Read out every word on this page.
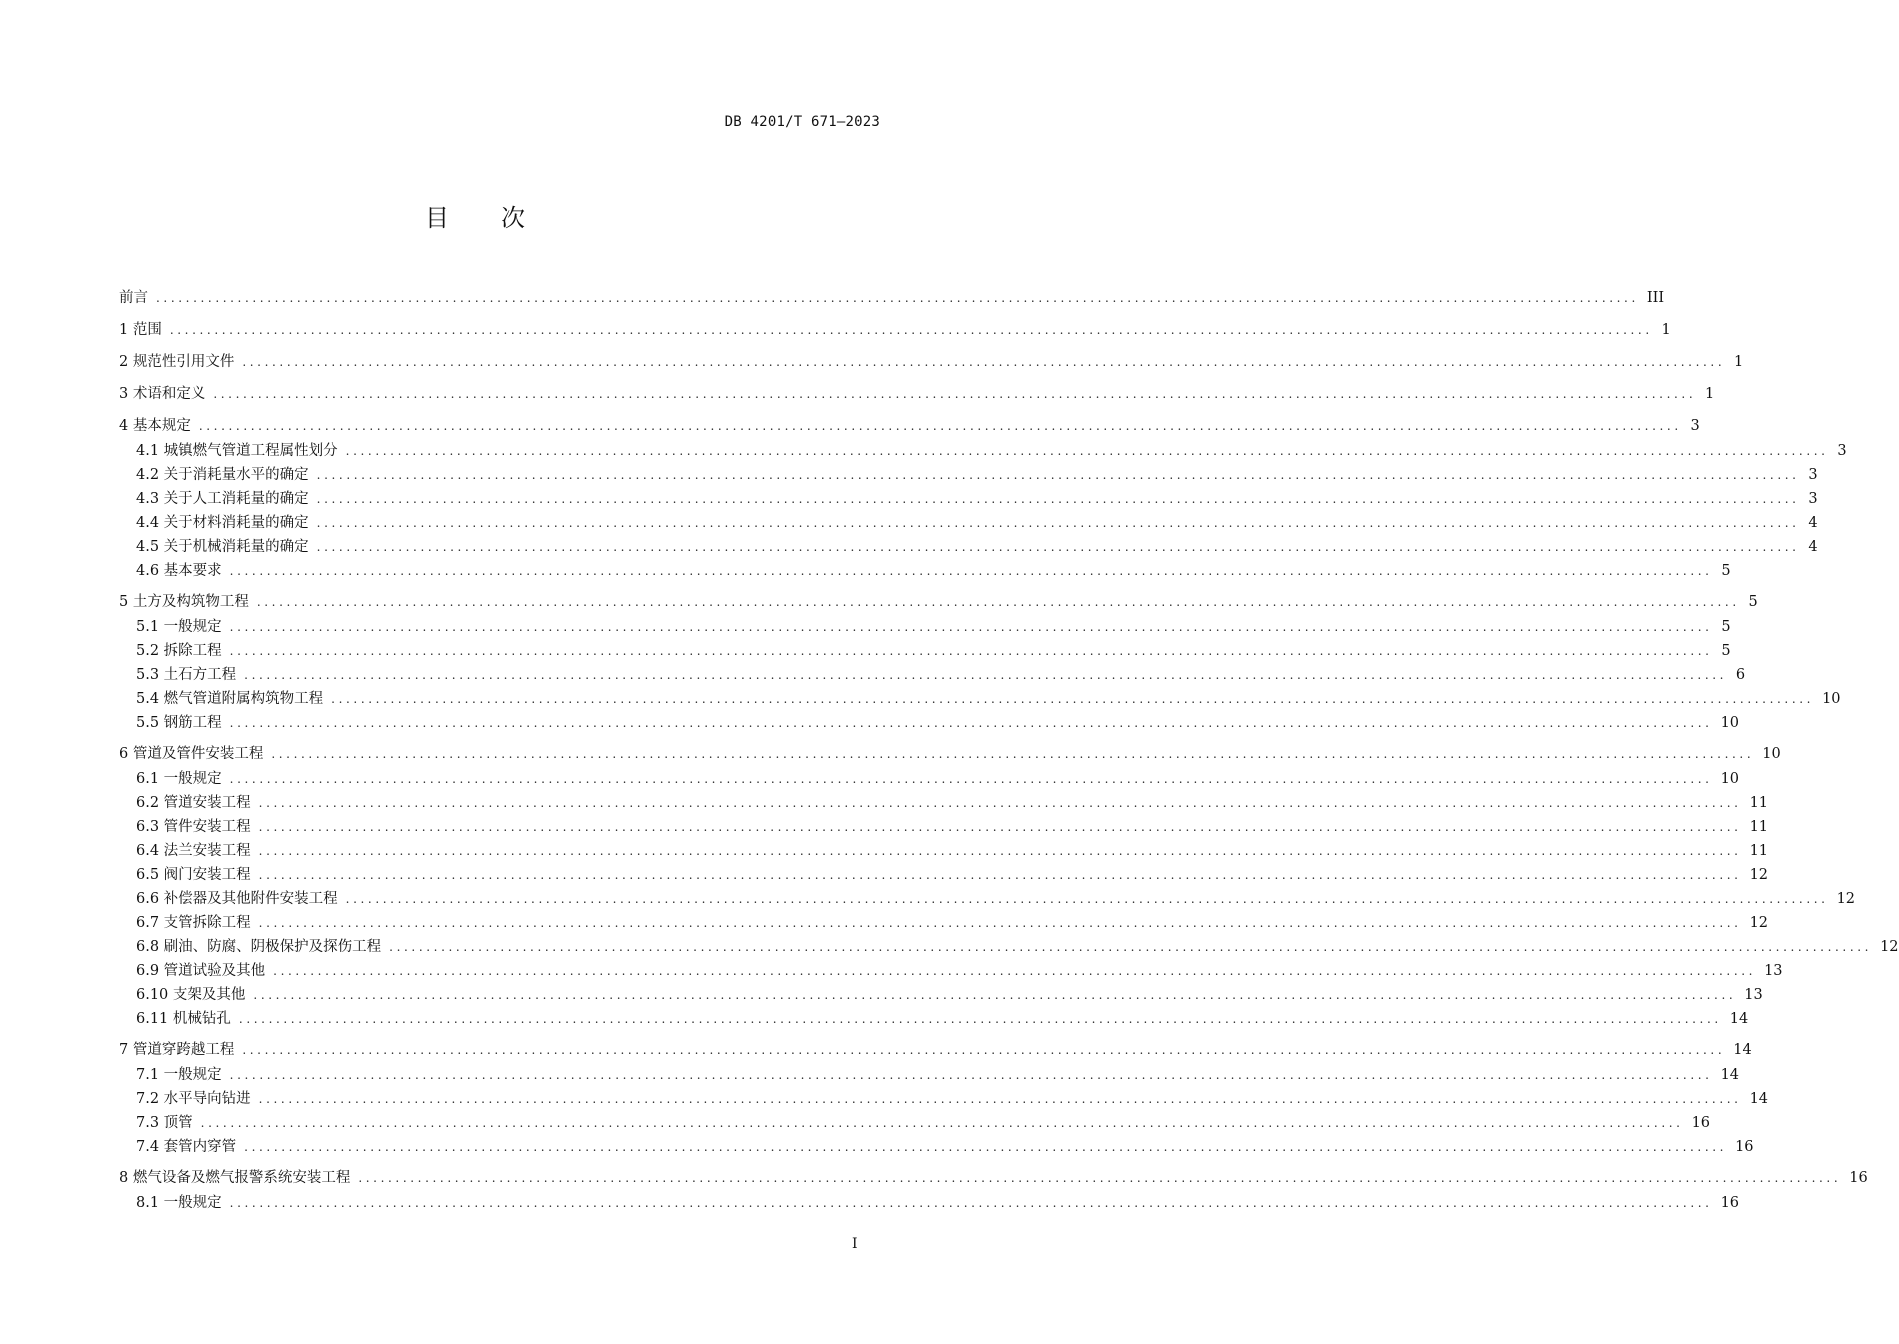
DB 4201/T 671—2023
目次
前言 ........................................................................................................................................................................................................ III
1
范围 ........................................................................................................................................................................................................ 1
2
规范性引用文件 ........................................................................................................................................................................................................ 1
3
术语和定义 ........................................................................................................................................................................................................ 1
4
基本规定 ........................................................................................................................................................................................................ 3
4.1
城镇燃气管道工程属性划分 ........................................................................................................................................................................................................ 3
4.2
关于消耗量水平的确定 ........................................................................................................................................................................................................ 3
4.3
关于人工消耗量的确定 ........................................................................................................................................................................................................ 3
4.4
关于材料消耗量的确定 ........................................................................................................................................................................................................ 4
4.5
关于机械消耗量的确定 ........................................................................................................................................................................................................ 4
4.6
基本要求 ........................................................................................................................................................................................................ 5
5
土方及构筑物工程 ........................................................................................................................................................................................................ 5
5.1
一般规定 ........................................................................................................................................................................................................ 5
5.2
拆除工程 ........................................................................................................................................................................................................ 5
5.3
土石方工程 ........................................................................................................................................................................................................ 6
5.4
燃气管道附属构筑物工程 ........................................................................................................................................................................................................ 10
5.5
钢筋工程 ........................................................................................................................................................................................................ 10
6
管道及管件安装工程 ........................................................................................................................................................................................................ 10
6.1
一般规定 ........................................................................................................................................................................................................ 10
6.2
管道安装工程 ........................................................................................................................................................................................................ 11
6.3
管件安装工程 ........................................................................................................................................................................................................ 11
6.4
法兰安装工程 ........................................................................................................................................................................................................ 11
6.5
阀门安装工程 ........................................................................................................................................................................................................ 12
6.6
补偿器及其他附件安装工程 ........................................................................................................................................................................................................ 12
6.7
支管拆除工程 ........................................................................................................................................................................................................ 12
6.8
刷油、防腐、阴极保护及探伤工程 ........................................................................................................................................................................................................ 12
6.9
管道试验及其他 ........................................................................................................................................................................................................ 13
6.10
支架及其他 ........................................................................................................................................................................................................ 13
6.11
机械钻孔 ........................................................................................................................................................................................................ 14
7
管道穿跨越工程 ........................................................................................................................................................................................................ 14
7.1
一般规定 ........................................................................................................................................................................................................ 14
7.2
水平导向钻进 ........................................................................................................................................................................................................ 14
7.3
顶管 ........................................................................................................................................................................................................ 16
7.4
套管内穿管 ........................................................................................................................................................................................................ 16
8
燃气设备及燃气报警系统安装工程 ........................................................................................................................................................................................................ 16
8.1
一般规定 ........................................................................................................................................................................................................ 16
I
